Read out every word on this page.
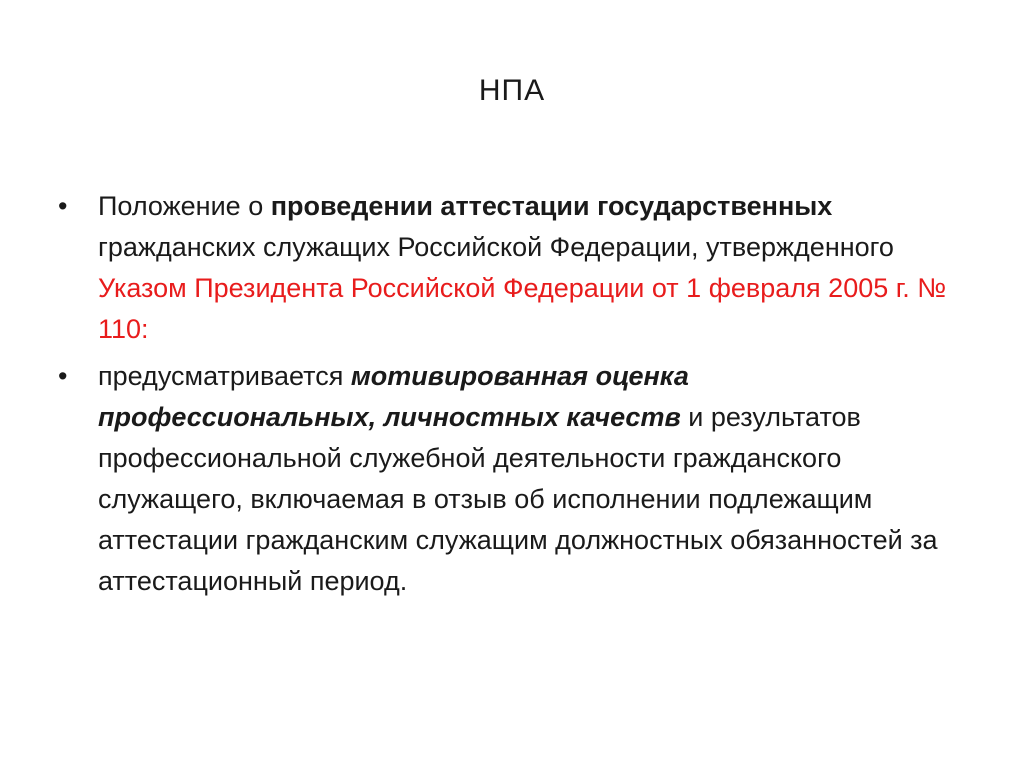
НПА
•	Положение о проведении аттестации государственных гражданских служащих Российской Федерации, утвержденного Указом Президента Российской Федерации от 1 февраля 2005 г. № 110:
•	предусматривается мотивированная оценка профессиональных, личностных качеств и результатов профессиональной служебной деятельности гражданского служащего, включаемая в отзыв об исполнении подлежащим аттестации гражданским служащим должностных обязанностей за аттестационный период.
